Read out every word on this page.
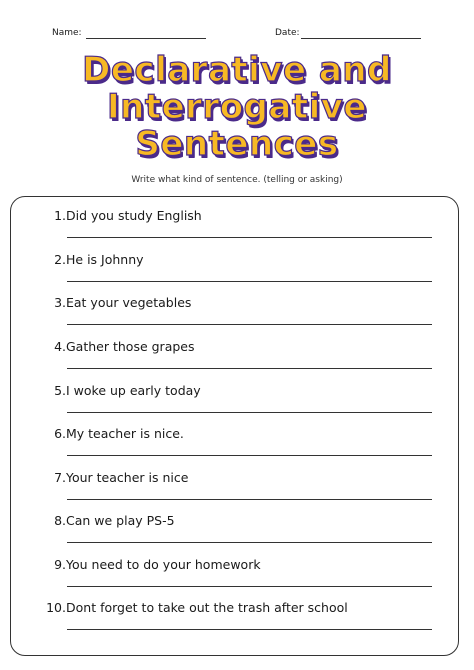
Name:	Date:
Declarative and
Interrogative
Sentences
Write what kind of sentence. (telling or asking)
1. Did you study English
2. He is Johnny
3. Eat your vegetables
4. Gather those grapes
5. I woke up early today
6. My teacher is nice.
7. Your teacher is nice
8. Can we play PS-5
9. You need to do your homework
10. Dont forget to take out the trash after school
